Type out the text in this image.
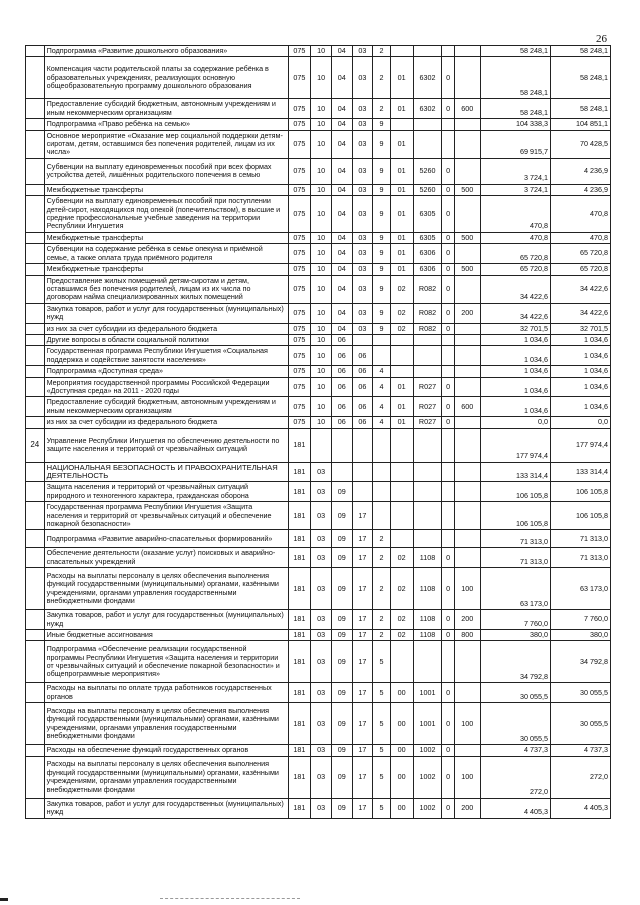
26
	Подпрограмма «Развитие дошкольного образования»	075	10	04	03	2					58 248,1	58 248,1
	Компенсация части родительской платы за содержание ребёнка в образовательных учреждениях, реализующих основную общеобразовательную программу дошкольного образования	075	10	04	03	2	01	6302	0		58 248,1	58 248,1
	Предоставление субсидий бюджетным, автономным учреждениям и иным некоммерческим организациям	075	10	04	03	2	01	6302	0	600	58 248,1	58 248,1
	Подпрограмма «Право ребёнка на семью»	075	10	04	03	9					104 338,3	104 851,1
	Основное мероприятие «Оказание мер социальной поддержки детям-сиротам, детям, оставшимся без попечения родителей, лицам из их числа»	075	10	04	03	9	01				69 915,7	70 428,5
	Субвенции на выплату единовременных пособий при всех формах устройства детей, лишённых родительского попечения в семью	075	10	04	03	9	01	5260	0		3 724,1	4 236,9
	Межбюджетные трансферты	075	10	04	03	9	01	5260	0	500	3 724,1	4 236,9
	Субвенции на выплату единовременных пособий при поступлении детей-сирот, находящихся под опекой (попечительством), в высшие и средние профессиональные учебные заведения на территории Республики Ингушетия	075	10	04	03	9	01	6305	0		470,8	470,8
	Межбюджетные трансферты	075	10	04	03	9	01	6305	0	500	470,8	470,8
	Субвенции на содержание ребёнка в семье опекуна и приёмной семье, а также оплата труда приёмного родителя	075	10	04	03	9	01	6306	0		65 720,8	65 720,8
	Межбюджетные трансферты	075	10	04	03	9	01	6306	0	500	65 720,8	65 720,8
	Предоставление жилых помещений детям-сиротам и детям, оставшимся без попечения родителей, лицам из их числа по договорам найма специализированных жилых помещений	075	10	04	03	9	02	R082	0		34 422,6	34 422,6
	Закупка товаров, работ и услуг для государственных (муниципальных) нужд	075	10	04	03	9	02	R082	0	200	34 422,6	34 422,6
	из них за счет субсидии из федерального бюджета	075	10	04	03	9	02	R082	0		32 701,5	32 701,5
	Другие вопросы в области социальной политики	075	10	06							1 034,6	1 034,6
	Государственная программа Республики Ингушетия «Социальная поддержка и содействие занятости населения»	075	10	06	06						1 034,6	1 034,6
	Подпрограмма «Доступная среда»	075	10	06	06	4					1 034,6	1 034,6
	Мероприятия государственной программы Российской Федерации «Доступная среда» на 2011 - 2020 годы	075	10	06	06	4	01	R027	0		1 034,6	1 034,6
	Предоставление субсидий бюджетным, автономным учреждениям и иным некоммерческим организациям	075	10	06	06	4	01	R027	0	600	1 034,6	1 034,6
	из них за счет субсидии из федерального бюджета	075	10	06	06	4	01	R027	0		0,0	0,0
24	Управление Республики Ингушетия по обеспечению деятельности по защите населения и территорий от чрезвычайных ситуаций	181									177 974,4	177 974,4
	НАЦИОНАЛЬНАЯ БЕЗОПАСНОСТЬ И ПРАВООХРАНИТЕЛЬНАЯ ДЕЯТЕЛЬНОСТЬ	181	03								133 314,4	133 314,4
	Защита населения и территорий от чрезвычайных ситуаций природного и техногенного характера, гражданская оборона	181	03	09							106 105,8	106 105,8
	Государственная программа Республики Ингушетия «Защита населения и территорий от чрезвычайных ситуаций и обеспечение пожарной безопасности»	181	03	09	17						106 105,8	106 105,8
	Подпрограмма «Развитие аварийно-спасательных формирований»	181	03	09	17	2					71 313,0	71 313,0
	Обеспечение деятельности (оказание услуг) поисковых и аварийно-спасательных учреждений	181	03	09	17	2	02	1108	0		71 313,0	71 313,0
	Расходы на выплаты персоналу в целях обеспечения выполнения функций государственными (муниципальными) органами, казёнными учреждениями, органами управления государственными внебюджетными фондами	181	03	09	17	2	02	1108	0	100	63 173,0	63 173,0
	Закупка товаров, работ и услуг для государственных (муниципальных) нужд	181	03	09	17	2	02	1108	0	200	7 760,0	7 760,0
	Иные бюджетные ассигнования	181	03	09	17	2	02	1108	0	800	380,0	380,0
	Подпрограмма «Обеспечение реализации государственной программы Республики Ингушетия «Защита населения и территории от чрезвычайных ситуаций и обеспечение пожарной безопасности» и общепрограммные мероприятия»	181	03	09	17	5					34 792,8	34 792,8
	Расходы на выплаты по оплате труда работников государственных органов	181	03	09	17	5	00	1001	0		30 055,5	30 055,5
	Расходы на выплаты персоналу в целях обеспечения выполнения функций государственными (муниципальными) органами, казёнными учреждениями, органами управления государственными внебюджетными фондами	181	03	09	17	5	00	1001	0	100	30 055,5	30 055,5
	Расходы на обеспечение функций государственных органов	181	03	09	17	5	00	1002	0		4 737,3	4 737,3
	Расходы на выплаты персоналу в целях обеспечения выполнения функций государственными (муниципальными) органами, казёнными учреждениями, органами управления государственными внебюджетными фондами	181	03	09	17	5	00	1002	0	100	272,0	272,0
	Закупка товаров, работ и услуг для государственных (муниципальных) нужд	181	03	09	17	5	00	1002	0	200	4 405,3	4 405,3
